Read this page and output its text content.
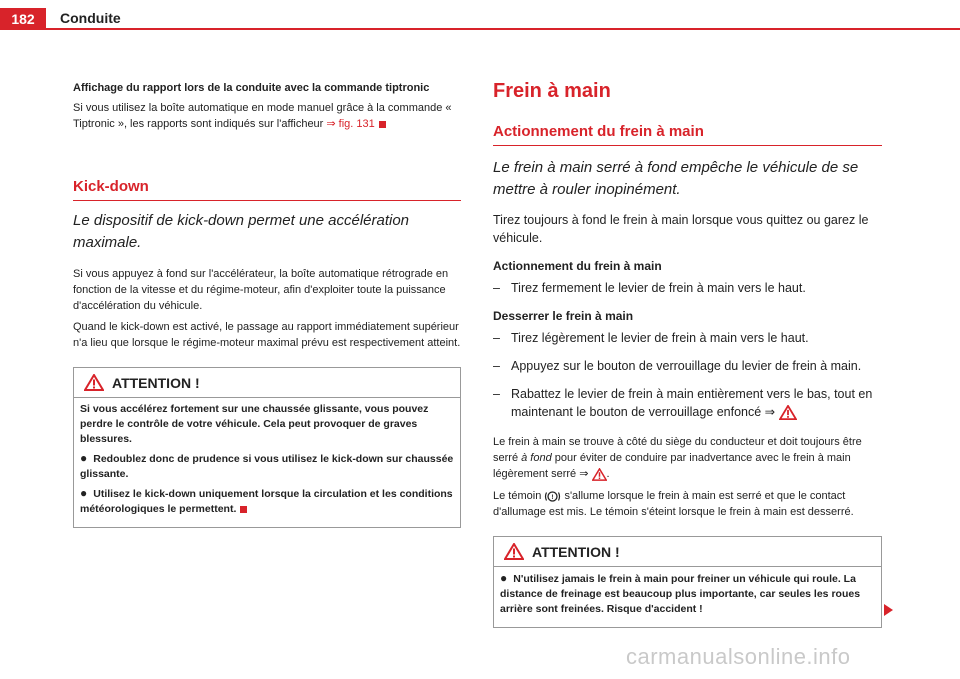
182	Conduite
Affichage du rapport lors de la conduite avec la commande tiptronic

Si vous utilisez la boîte automatique en mode manuel grâce à la commande « Tiptronic », les rapports sont indiqués sur l'afficheur ⇒ fig. 131

Kick-down

Le dispositif de kick-down permet une accélération maximale.

Si vous appuyez à fond sur l'accélérateur, la boîte automatique rétrograde en fonction de la vitesse et du régime-moteur, afin d'exploiter toute la puissance d'accélération du véhicule.

Quand le kick-down est activé, le passage au rapport immédiatement supérieur n'a lieu que lorsque le régime-moteur maximal prévu est respectivement atteint.

ATTENTION !

Si vous accélérez fortement sur une chaussée glissante, vous pouvez perdre le contrôle de votre véhicule. Cela peut provoquer de graves blessures.

● Redoublez donc de prudence si vous utilisez le kick-down sur chaussée glissante.

● Utilisez le kick-down uniquement lorsque la circulation et les conditions météorologiques le permettent.

Frein à main
Actionnement du frein à main

Le frein à main serré à fond empêche le véhicule de se mettre à rouler inopinément.

Tirez toujours à fond le frein à main lorsque vous quittez ou garez le véhicule.

Actionnement du frein à main
– Tirez fermement le levier de frein à main vers le haut.
Desserrer le frein à main
– Tirez légèrement le levier de frein à main vers le haut.
– Appuyez sur le bouton de verrouillage du levier de frein à main.
– Rabattez le levier de frein à main entièrement vers le bas, tout en maintenant le bouton de verrouillage enfoncé ⇒

Le frein à main se trouve à côté du siège du conducteur et doit toujours être serré à fond pour éviter de conduire par inadvertance avec le frein à main légèrement serré ⇒ .

Le témoin ! s'allume lorsque le frein à main est serré et que le contact d'allumage est mis. Le témoin s'éteint lorsque le frein à main est desserré.

ATTENTION !

● N'utilisez jamais le frein à main pour freiner un véhicule qui roule. La distance de freinage est beaucoup plus importante, car seules les roues arrière sont freinées. Risque d'accident !

carmanualsonline.info
